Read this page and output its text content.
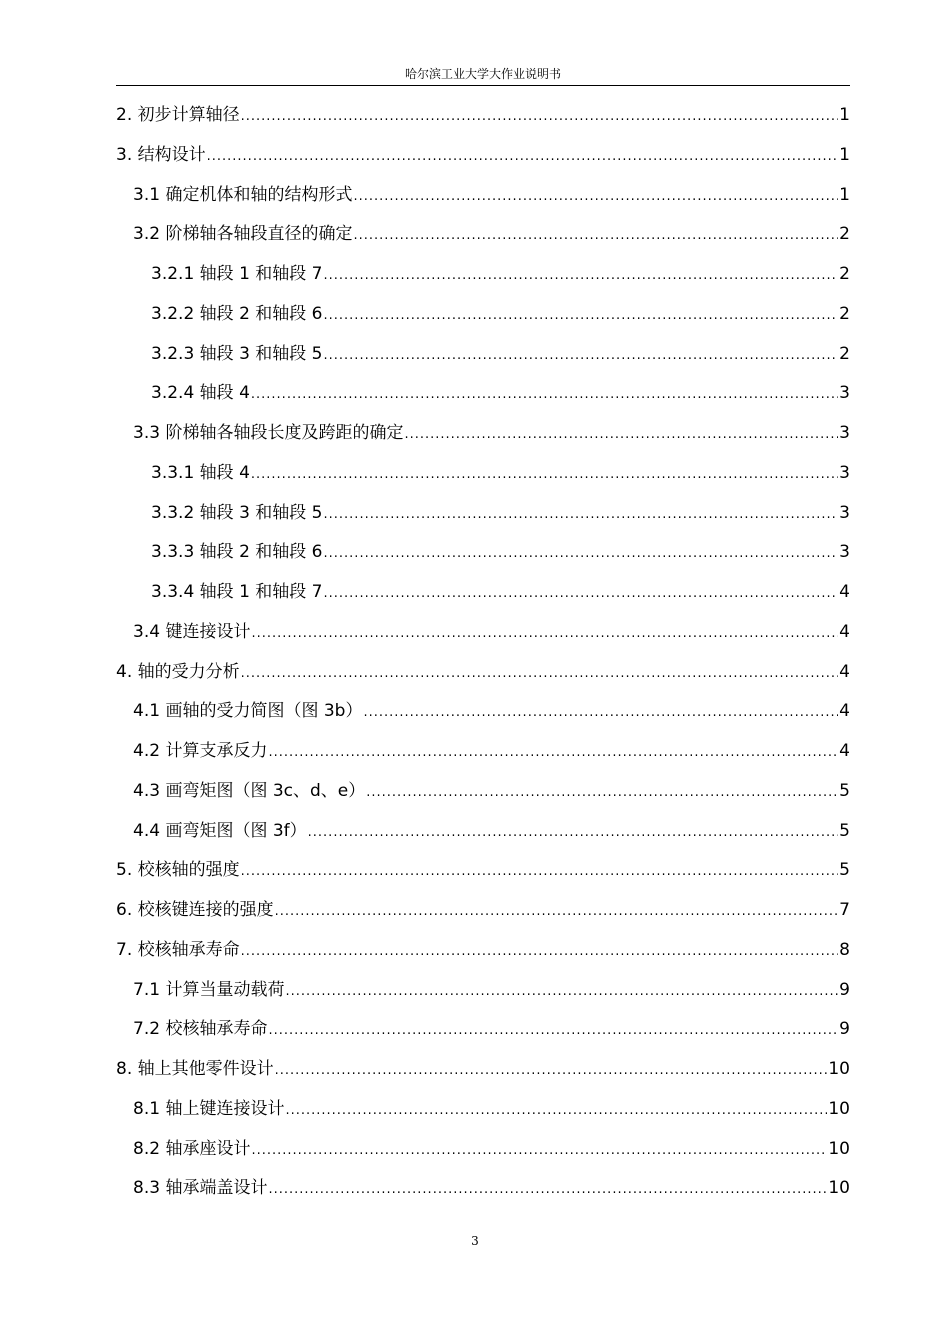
哈尔滨工业大学大作业说明书
2. 初步计算轴径 .....	1
3. 结构设计 .....	1
3.1 确定机体和轴的结构形式 .....	1
3.2 阶梯轴各轴段直径的确定 .....	2
3.2.1 轴段 1 和轴段 7 .....	2
3.2.2 轴段 2 和轴段 6 .....	2
3.2.3 轴段 3 和轴段 5 .....	2
3.2.4 轴段 4 .....	3
3.3 阶梯轴各轴段长度及跨距的确定 .....	3
3.3.1 轴段 4 .....	3
3.3.2 轴段 3 和轴段 5 .....	3
3.3.3 轴段 2 和轴段 6 .....	3
3.3.4 轴段 1 和轴段 7 .....	4
3.4 键连接设计 .....	4
4. 轴的受力分析 .....	4
4.1 画轴的受力简图（图 3b） .....	4
4.2 计算支承反力 .....	4
4.3 画弯矩图（图 3c、d、e） .....	5
4.4 画弯矩图（图 3f） .....	5
5. 校核轴的强度 .....	5
6. 校核键连接的强度 .....	7
7. 校核轴承寿命 .....	8
7.1 计算当量动载荷 .....	9
7.2 校核轴承寿命 .....	9
8. 轴上其他零件设计 .....	10
8.1 轴上键连接设计 .....	10
8.2 轴承座设计 .....	10
8.3 轴承端盖设计 .....	10
3
